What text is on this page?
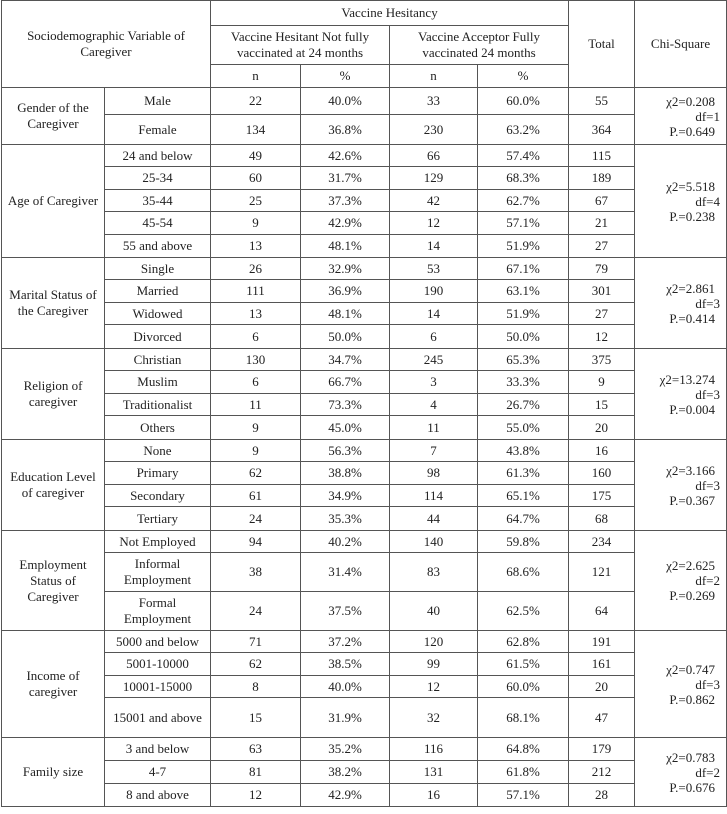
Sociodemographic Variable of Caregiver		Vaccine Hesitancy				Total	Chi-Square
		Vaccine Hesitant Not fully vaccinated at 24 months		Vaccine Acceptor Fully vaccinated 24 months			
		n	%	n	%		
Gender of the Caregiver	Male	22	40.0%	33	60.0%	55	χ2=0.208
df=1
P.=0.649

	Female	134	36.8%	230	63.2%	364	
Age of Caregiver	24 and below	49	42.6%	66	57.4%	115	χ2=5.518
df=4
P.=0.238

	25-34	60	31.7%	129	68.3%	189	
	35-44	25	37.3%	42	62.7%	67	
	45-54	9	42.9%	12	57.1%	21	
	55 and above	13	48.1%	14	51.9%	27	
Marital Status of the Caregiver	Single	26	32.9%	53	67.1%	79	χ2=2.861
df=3
P.=0.414

	Married	111	36.9%	190	63.1%	301	
	Widowed	13	48.1%	14	51.9%	27	
	Divorced	6	50.0%	6	50.0%	12	
Religion of caregiver	Christian	130	34.7%	245	65.3%	375	χ2=13.274
df=3
P.=0.004

	Muslim	6	66.7%	3	33.3%	9	
	Traditionalist	11	73.3%	4	26.7%	15	
	Others	9	45.0%	11	55.0%	20	
Education Level of caregiver	None	9	56.3%	7	43.8%	16	χ2=3.166
df=3
P.=0.367

	Primary	62	38.8%	98	61.3%	160	
	Secondary	61	34.9%	114	65.1%	175	
	Tertiary	24	35.3%	44	64.7%	68	
Employment Status of Caregiver	Not Employed	94	40.2%	140	59.8%	234	χ2=2.625
df=2
P.=0.269

	Informal Employment	38	31.4%	83	68.6%	121	
	Formal Employment	24	37.5%	40	62.5%	64	
Income of caregiver	5000 and below	71	37.2%	120	62.8%	191	χ2=0.747
df=3
P.=0.862

	5001-10000	62	38.5%	99	61.5%	161	
	10001-15000	8	40.0%	12	60.0%	20	
	15001 and above	15	31.9%	32	68.1%	47	
Family size	3 and below	63	35.2%	116	64.8%	179	χ2=0.783
df=2
P.=0.676

	4-7	81	38.2%	131	61.8%	212	
	8 and above	12	42.9%	16	57.1%	28	
